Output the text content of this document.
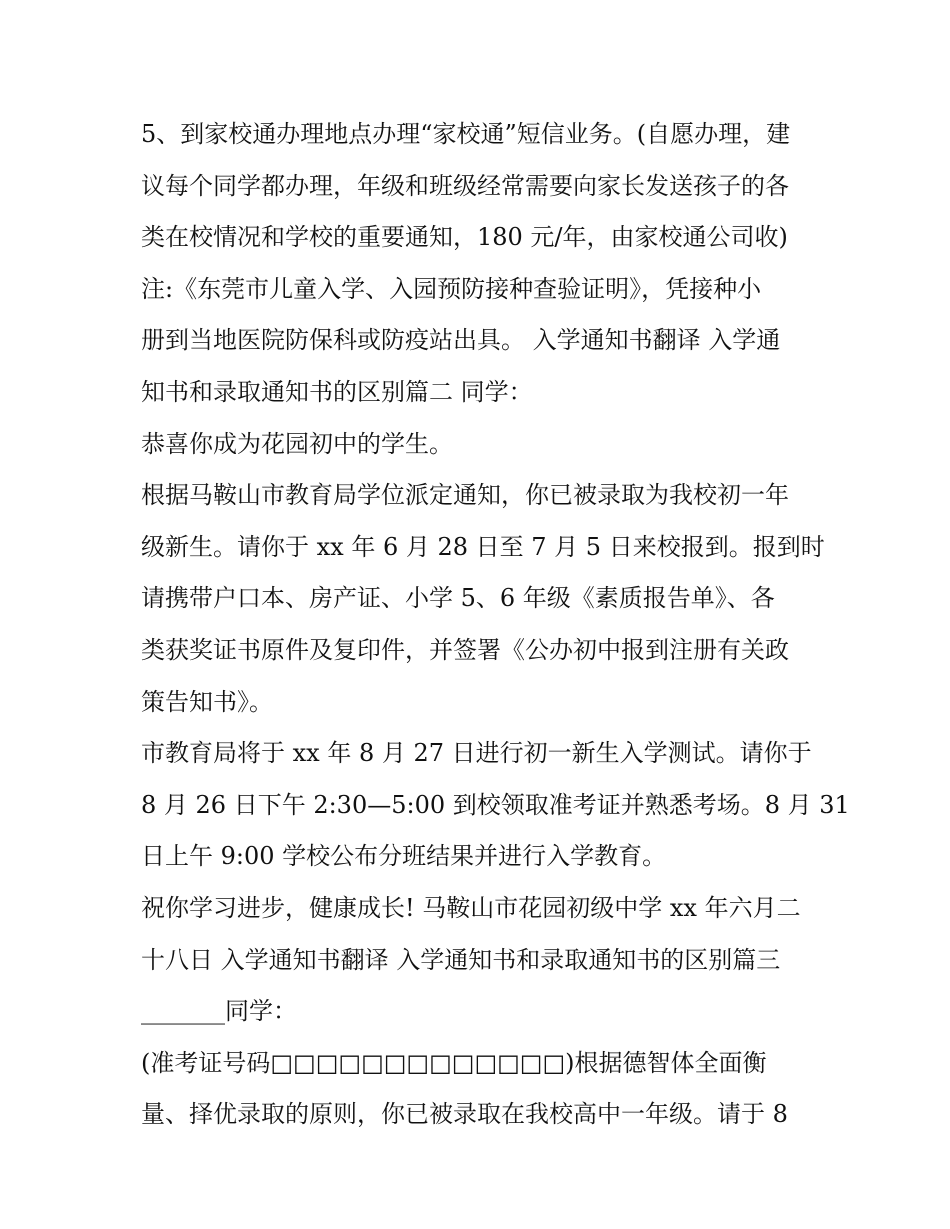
5、到家校通办理地点办理“家校通”短信业务。(自愿办理，建
议每个同学都办理，年级和班级经常需要向家长发送孩子的各
类在校情况和学校的重要通知，180 元/年，由家校通公司收)
注:《东莞市儿童入学、入园预防接种查验证明》，凭接种小
册到当地医院防保科或防疫站出具。 入学通知书翻译 入学通
知书和录取通知书的区别篇二 同学：
恭喜你成为花园初中的学生。
根据马鞍山市教育局学位派定通知，你已被录取为我校初一年
级新生。请你于 xx 年 6 月 28 日至 7 月 5 日来校报到。报到时
请携带户口本、房产证、小学 5、6 年级《素质报告单》、各
类获奖证书原件及复印件，并签署《公办初中报到注册有关政
策告知书》。
市教育局将于 xx 年 8 月 27 日进行初一新生入学测试。请你于
8 月 26 日下午 2:30—5:00 到校领取准考证并熟悉考场。8 月 31
日上午 9:00 学校公布分班结果并进行入学教育。
祝你学习进步，健康成长! 马鞍山市花园初级中学 xx 年六月二
十八日 入学通知书翻译 入学通知书和录取通知书的区别篇三
_______同学：
(准考证号码□□□□□□□□□□□□□)根据德智体全面衡
量、择优录取的原则，你已被录取在我校高中一年级。请于 8
